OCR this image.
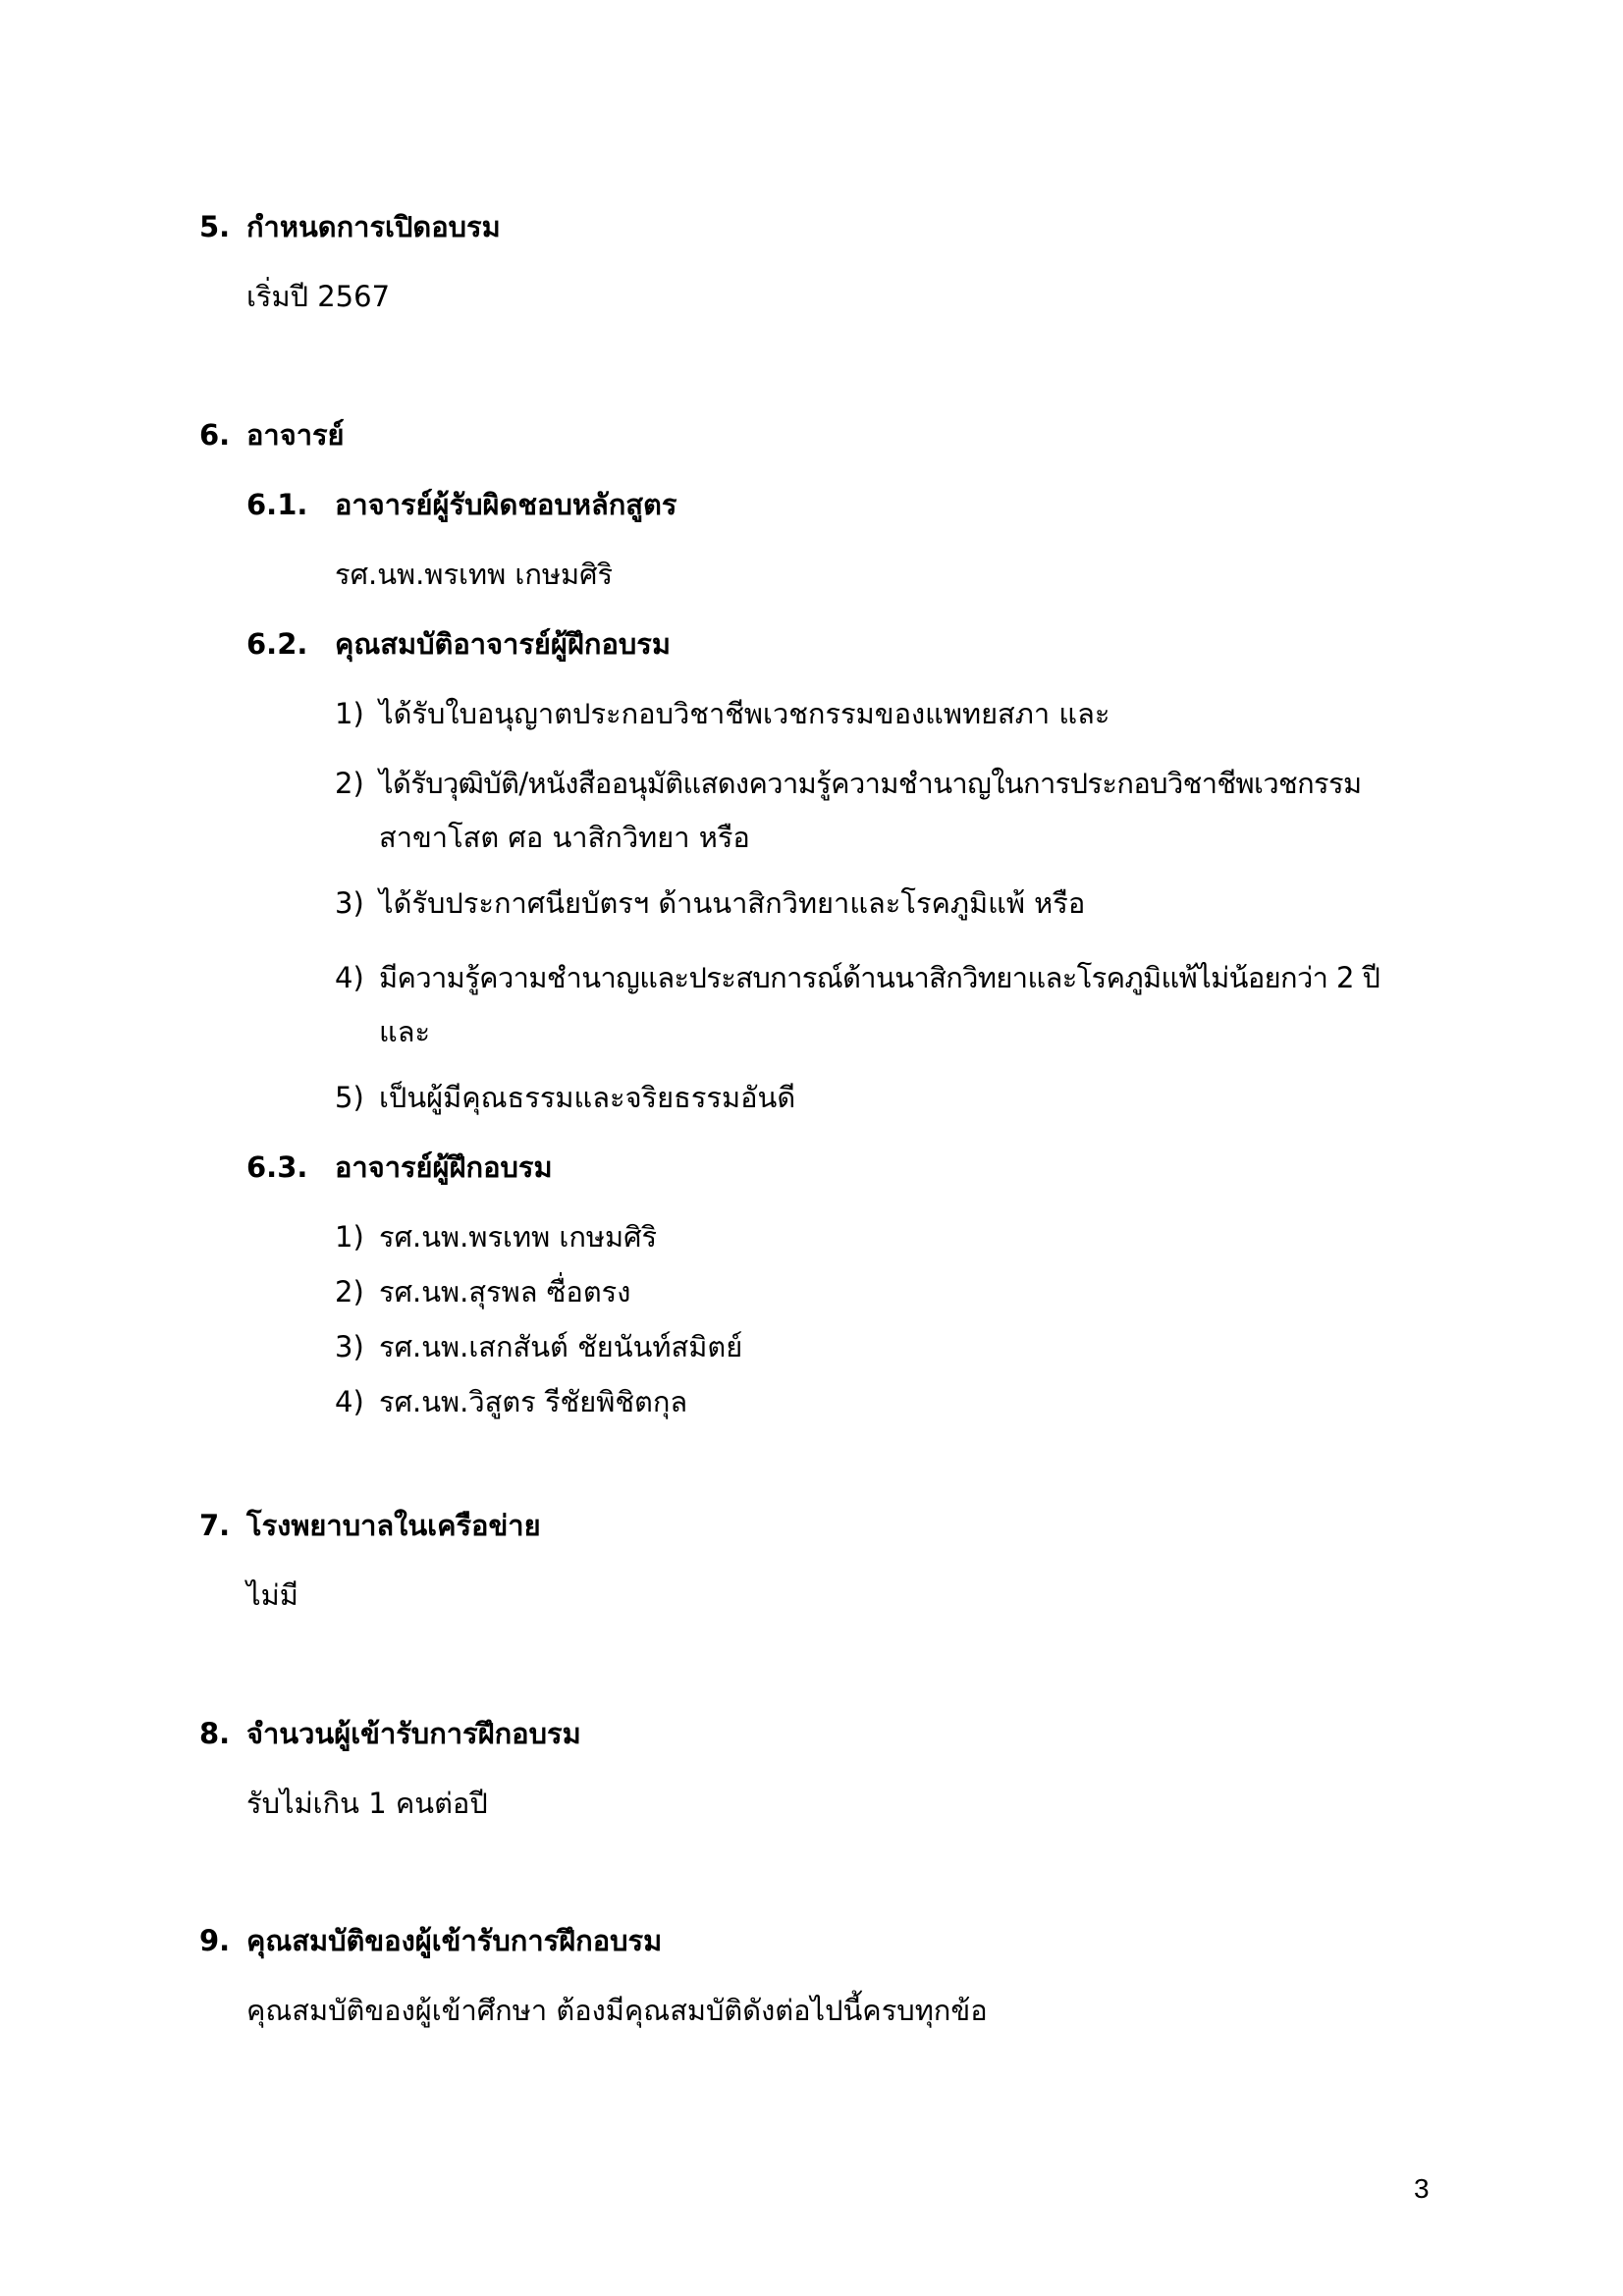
5. กำหนดการเปิดอบรม
เริ่มปี 2567
6. อาจารย์
6.1. อาจารย์ผู้รับผิดชอบหลักสูตร
รศ.นพ.พรเทพ เกษมศิริ
6.2. คุณสมบัติอาจารย์ผู้ฝึกอบรม
1) ได้รับใบอนุญาตประกอบวิชาชีพเวชกรรมของแพทยสภา และ
2) ได้รับวุฒิบัติ/หนังสืออนุมัติแสดงความรู้ความชำนาญในการประกอบวิชาชีพเวชกรรม
สาขาโสต ศอ นาสิกวิทยา หรือ
3) ได้รับประกาศนียบัตรฯ ด้านนาสิกวิทยาและโรคภูมิแพ้ หรือ
4) มีความรู้ความชำนาญและประสบการณ์ด้านนาสิกวิทยาและโรคภูมิแพ้ไม่น้อยกว่า 2 ปี
และ
5) เป็นผู้มีคุณธรรมและจริยธรรมอันดี
6.3. อาจารย์ผู้ฝึกอบรม
1) รศ.นพ.พรเทพ เกษมศิริ
2) รศ.นพ.สุรพล ซื่อตรง
3) รศ.นพ.เสกสันต์ ชัยนันท์สมิตย์
4) รศ.นพ.วิสูตร รีชัยพิชิตกุล
7. โรงพยาบาลในเครือข่าย
ไม่มี
8. จำนวนผู้เข้ารับการฝึกอบรม
รับไม่เกิน 1 คนต่อปี
9. คุณสมบัติของผู้เข้ารับการฝึกอบรม
คุณสมบัติของผู้เข้าศึกษา ต้องมีคุณสมบัติดังต่อไปนี้ครบทุกข้อ
3
